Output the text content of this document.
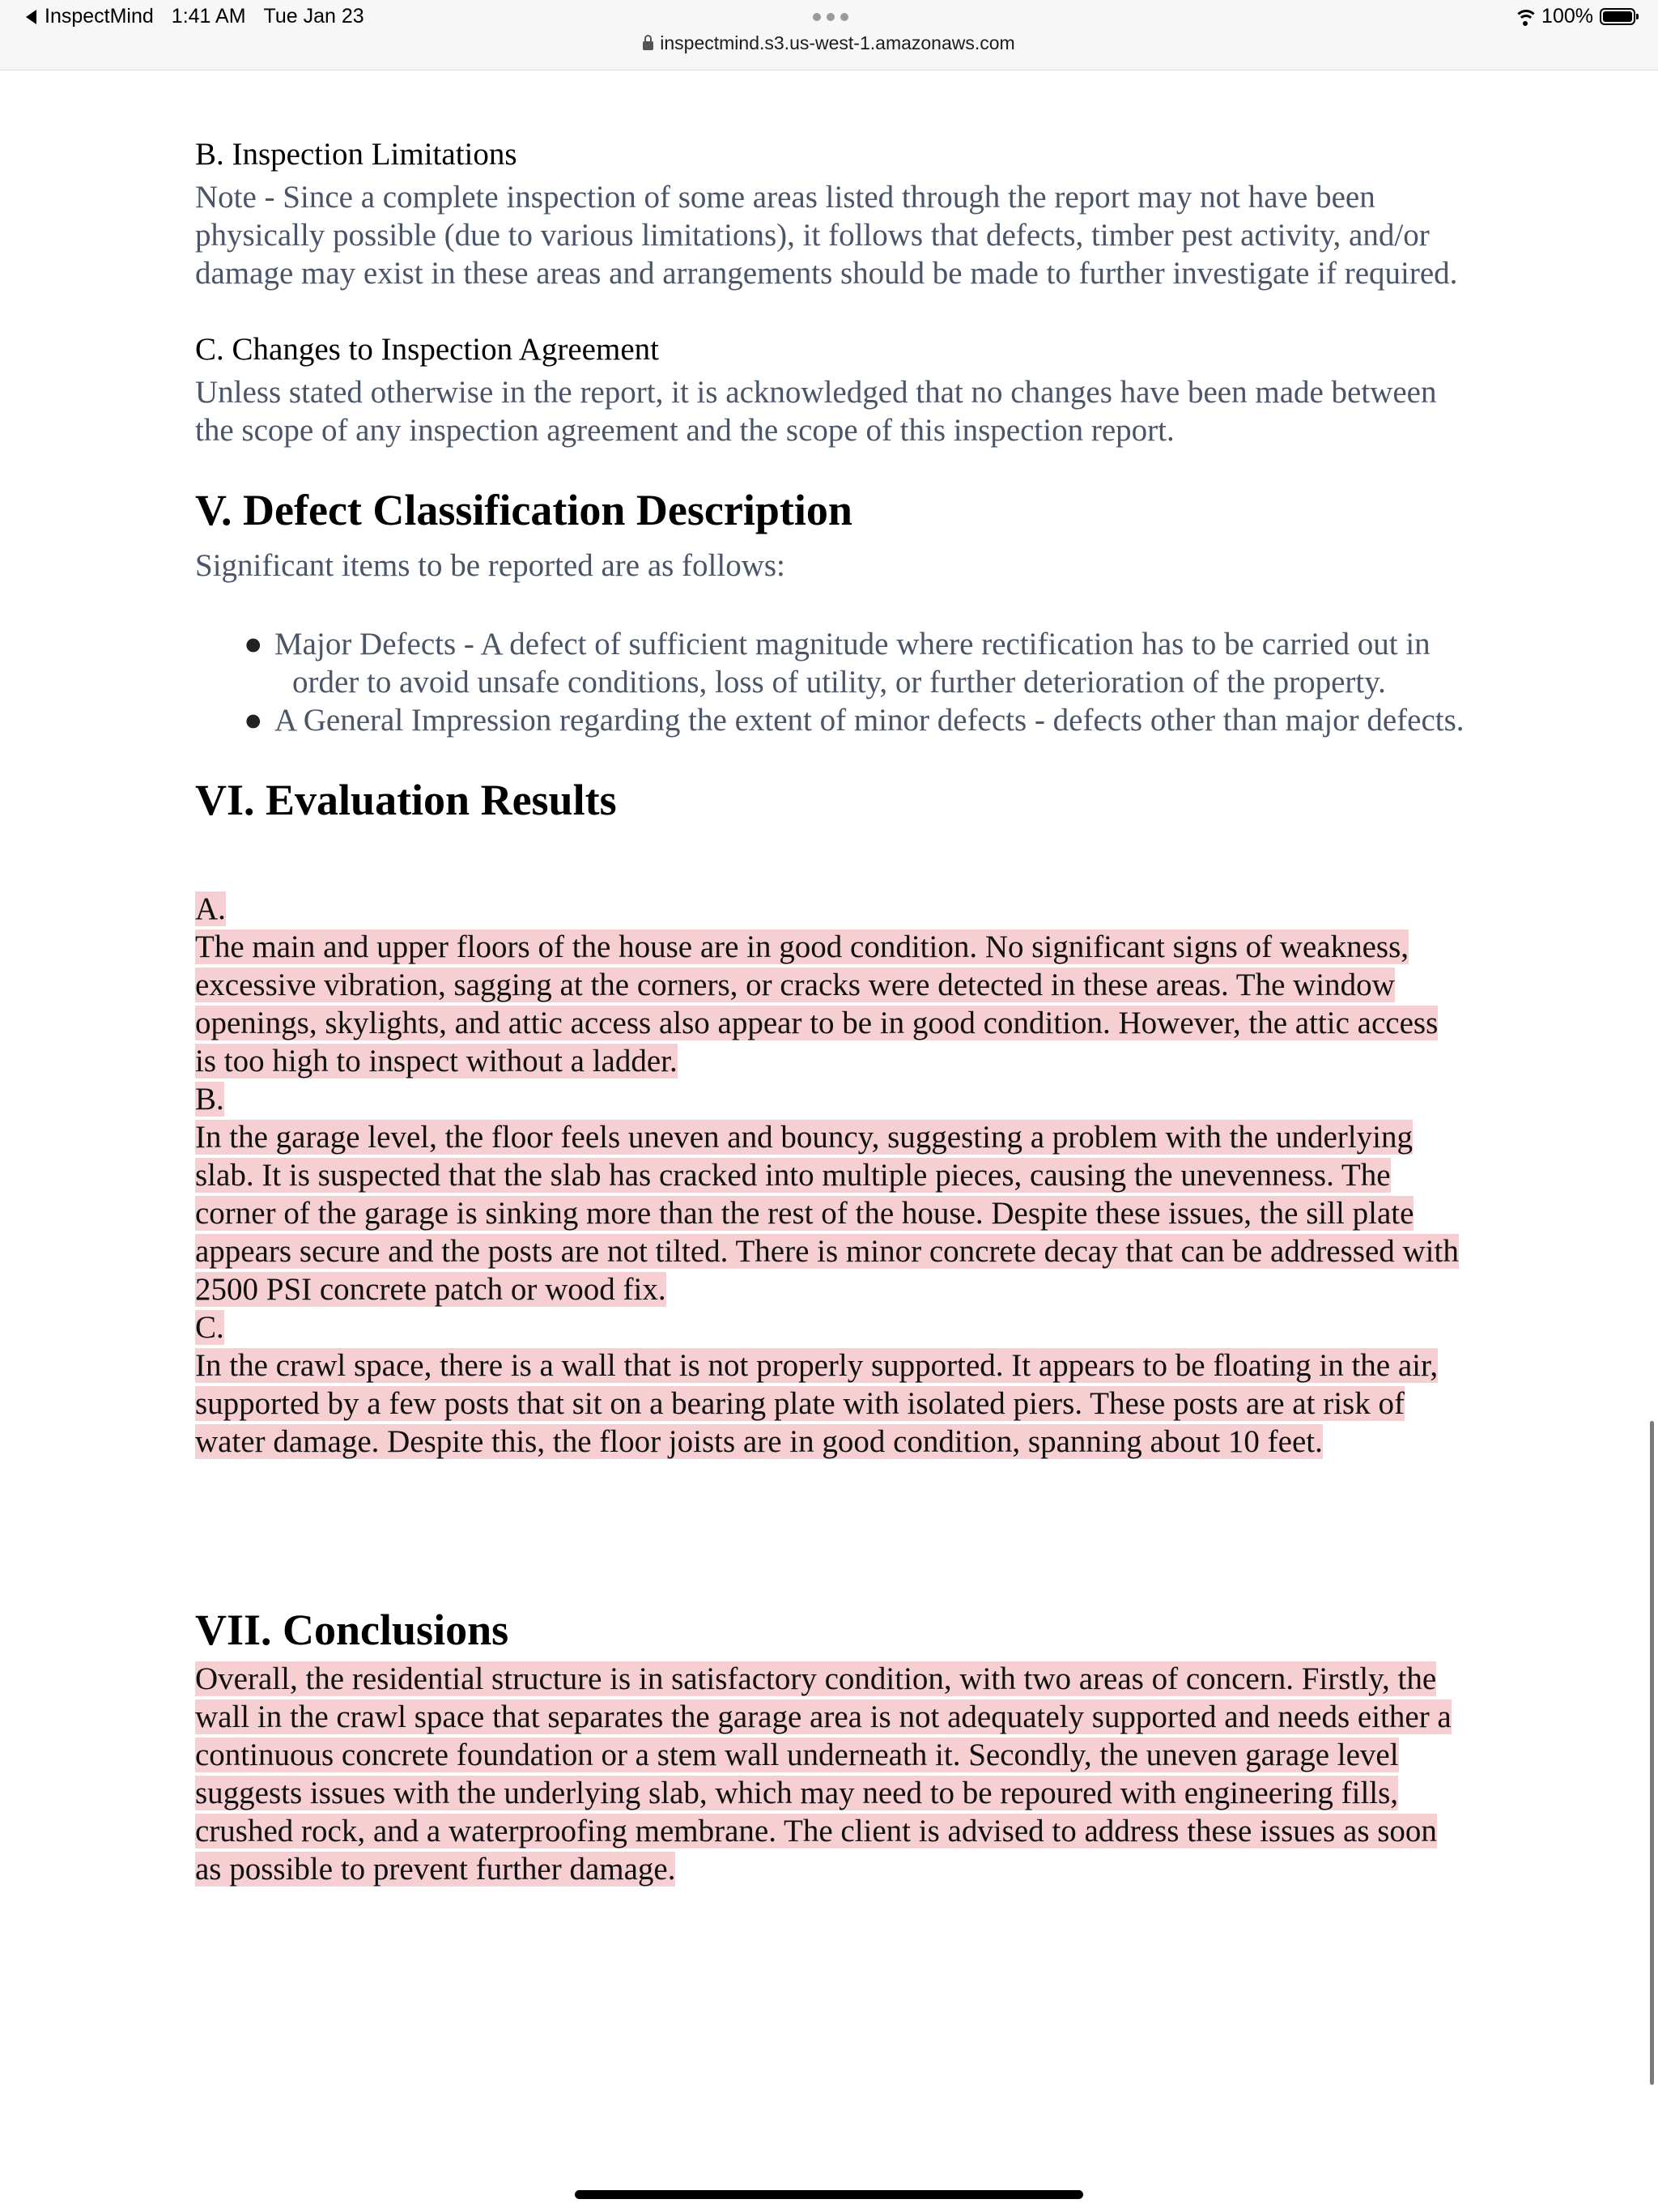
InspectMind 1:41 AM Tue Jan 23
inspectmind.s3.us-west-1.amazonaws.com
100%
B. Inspection Limitations

Note - Since a complete inspection of some areas listed through the report may not have been physically possible (due to various limitations), it follows that defects, timber pest activity, and/or damage may exist in these areas and arrangements should be made to further investigate if required.

C. Changes to Inspection Agreement

Unless stated otherwise in the report, it is acknowledged that no changes have been made between the scope of any inspection agreement and the scope of this inspection report.

V. Defect Classification Description

Significant items to be reported are as follows:

● Major Defects - A defect of sufficient magnitude where rectification has to be carried out in order to avoid unsafe conditions, loss of utility, or further deterioration of the property.
● A General Impression regarding the extent of minor defects - defects other than major defects.
VI. Evaluation Results

A.

The main and upper floors of the house are in good condition. No significant signs of weakness, excessive vibration, sagging at the corners, or cracks were detected in these areas. The window openings, skylights, and attic access also appear to be in good condition. However, the attic access is too high to inspect without a ladder.

B.

In the garage level, the floor feels uneven and bouncy, suggesting a problem with the underlying slab. It is suspected that the slab has cracked into multiple pieces, causing the unevenness. The corner of the garage is sinking more than the rest of the house. Despite these issues, the sill plate appears secure and the posts are not tilted. There is minor concrete decay that can be addressed with 2500 PSI concrete patch or wood fix.

C.

In the crawl space, there is a wall that is not properly supported. It appears to be floating in the air, supported by a few posts that sit on a bearing plate with isolated piers. These posts are at risk of water damage. Despite this, the floor joists are in good condition, spanning about 10 feet.

VII. Conclusions

Overall, the residential structure is in satisfactory condition, with two areas of concern. Firstly, the wall in the crawl space that separates the garage area is not adequately supported and needs either a continuous concrete foundation or a stem wall underneath it. Secondly, the uneven garage level suggests issues with the underlying slab, which may need to be repoured with engineering fills, crushed rock, and a waterproofing membrane. The client is advised to address these issues as soon as possible to prevent further damage.
